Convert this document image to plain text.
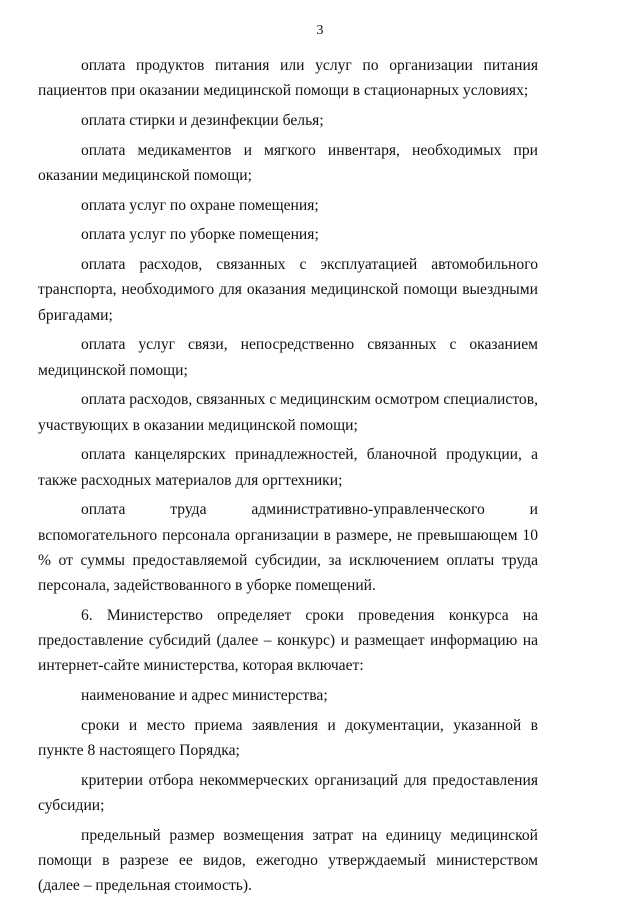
3

оплата продуктов питания или услуг по организации питания пациентов при оказании медицинской помощи в стационарных условиях;

оплата стирки и дезинфекции белья;

оплата медикаментов и мягкого инвентаря, необходимых при оказании медицинской помощи;

оплата услуг по охране помещения;

оплата услуг по уборке помещения;

оплата расходов, связанных с эксплуатацией автомобильного транспорта, необходимого для оказания медицинской помощи выездными бригадами;

оплата услуг связи, непосредственно связанных с оказанием медицинской помощи;

оплата расходов, связанных с медицинским осмотром специалистов, участвующих в оказании медицинской помощи;

оплата канцелярских принадлежностей, бланочной продукции, а также расходных материалов для оргтехники;

оплата труда административно-управленческого и вспомогательного персонала организации в размере, не превышающем 10 % от суммы предоставляемой субсидии, за исключением оплаты труда персонала, задействованного в уборке помещений.

6. Министерство определяет сроки проведения конкурса на предоставление субсидий (далее – конкурс) и размещает информацию на интернет-сайте министерства, которая включает:

наименование и адрес министерства;

сроки и место приема заявления и документации, указанной в пункте 8 настоящего Порядка;

критерии отбора некоммерческих организаций для предоставления субсидии;

предельный размер возмещения затрат на единицу медицинской помощи в разрезе ее видов, ежегодно утверждаемый министерством (далее – предельная стоимость).
